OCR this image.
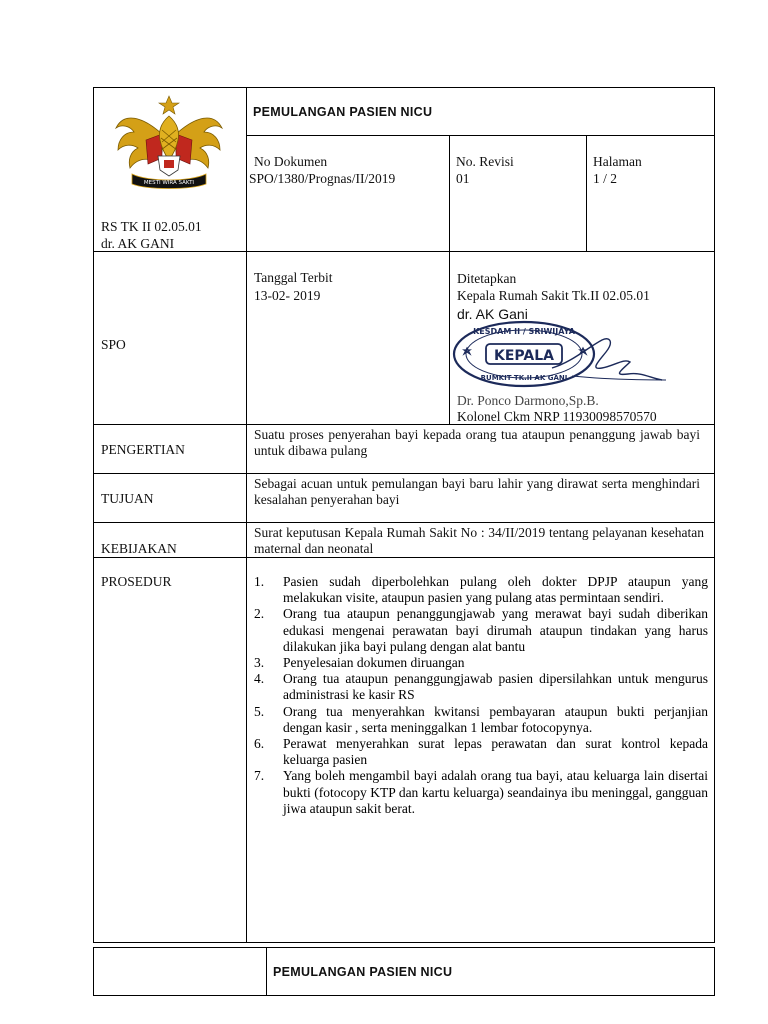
MESTI WIRA SAKTI
PEMULANGAN PASIEN NICU
RS TK II 02.05.01
dr. AK GANI
No Dokumen
SPO/1380/Prognas/II/2019
No. Revisi
01
Halaman
1 / 2
SPO
Tanggal Terbit
13-02- 2019
Ditetapkan
Kepala Rumah Sakit Tk.II 02.05.01
dr. AK Gani
KEPALA
KESDAM II / SRIWIJAYA
RUMKIT TK.II AK GANI
Dr. Ponco Darmono,Sp.B.
Kolonel Ckm NRP 11930098570570
PENGERTIAN
Suatu proses penyerahan bayi kepada orang tua ataupun penanggung jawab bayi untuk dibawa pulang
TUJUAN
Sebagai acuan untuk pemulangan bayi baru lahir yang dirawat serta menghindari kesalahan penyerahan bayi
KEBIJAKAN
Surat keputusan Kepala Rumah Sakit No : 34/II/2019 tentang pelayanan kesehatan maternal dan neonatal
PROSEDUR	1. Pasien sudah diperbolehkan pulang oleh dokter DPJP ataupun yang melakukan visite, ataupun pasien yang pulang atas permintaan sendiri.
2. Orang tua ataupun penanggungjawab yang merawat bayi sudah diberikan edukasi mengenai perawatan bayi dirumah ataupun tindakan yang harus dilakukan jika bayi pulang dengan alat bantu
3. Penyelesaian dokumen diruangan
4. Orang tua ataupun penanggungjawab pasien dipersilahkan untuk mengurus administrasi ke kasir RS
5. Orang tua menyerahkan kwitansi pembayaran ataupun bukti perjanjian dengan kasir , serta meninggalkan 1 lembar fotocopynya.
6. Perawat menyerahkan surat lepas perawatan dan surat kontrol kepada keluarga pasien
7. Yang boleh mengambil bayi adalah orang tua bayi, atau keluarga lain disertai bukti (fotocopy KTP dan kartu keluarga) seandainya ibu meninggal, gangguan jiwa ataupun sakit berat.
PEMULANGAN PASIEN NICU
